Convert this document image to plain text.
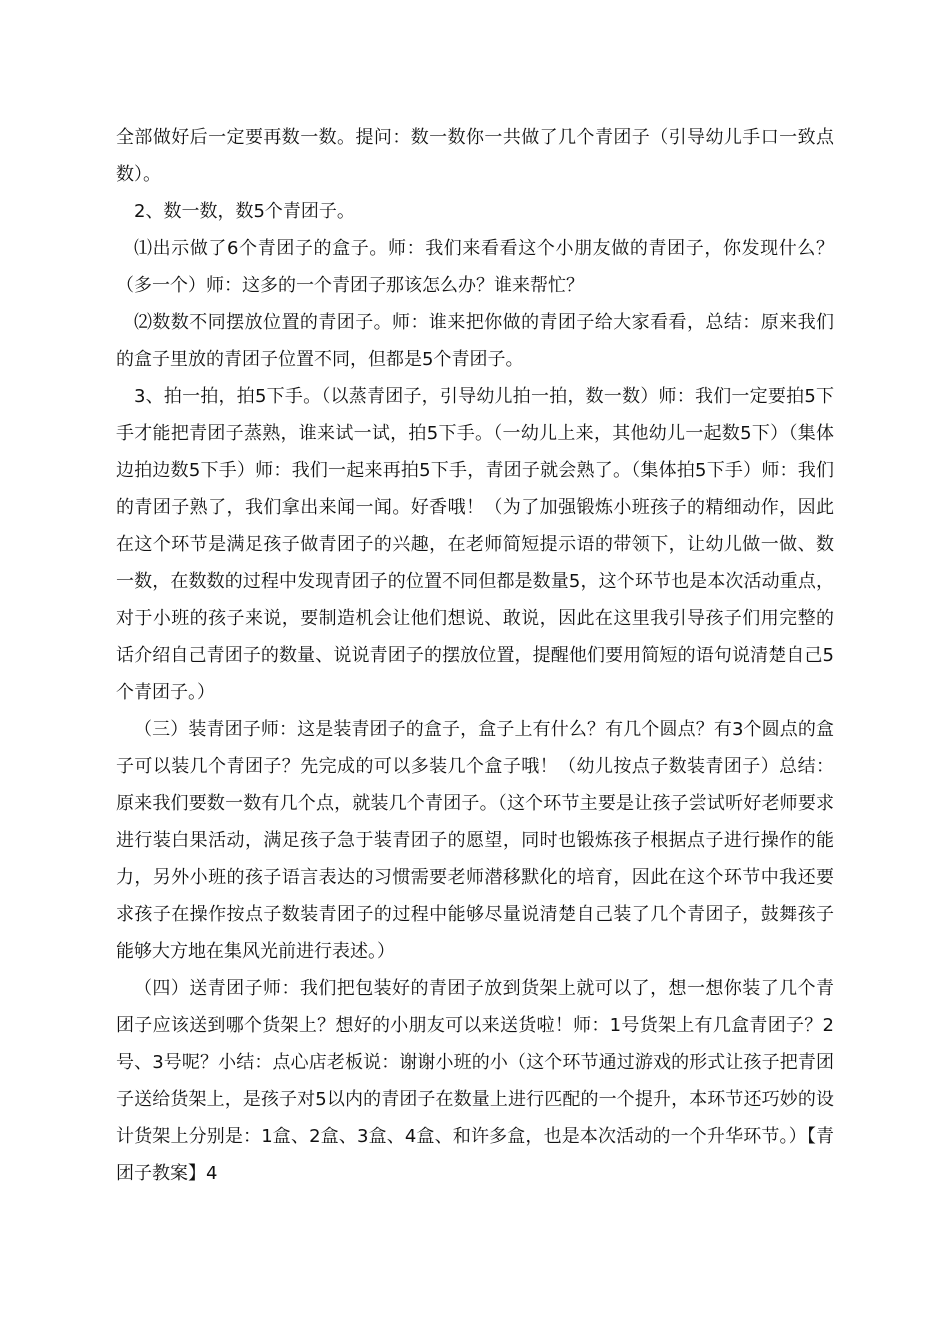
全部做好后一定要再数一数。提问：数一数你一共做了几个青团子（引导幼儿手口一致点数）。

2、数一数，数5个青团子。

⑴出示做了6个青团子的盒子。师：我们来看看这个小朋友做的青团子，你发现什么？（多一个）师：这多的一个青团子那该怎么办？谁来帮忙？

⑵数数不同摆放位置的青团子。师：谁来把你做的青团子给大家看看，总结：原来我们的盒子里放的青团子位置不同，但都是5个青团子。

3、拍一拍，拍5下手。（以蒸青团子，引导幼儿拍一拍，数一数）师：我们一定要拍5下手才能把青团子蒸熟，谁来试一试，拍5下手。（一幼儿上来，其他幼儿一起数5下）（集体边拍边数5下手）师：我们一起来再拍5下手，青团子就会熟了。（集体拍5下手）师：我们的青团子熟了，我们拿出来闻一闻。好香哦！（为了加强锻炼小班孩子的精细动作，因此在这个环节是满足孩子做青团子的兴趣，在老师简短提示语的带领下，让幼儿做一做、数一数，在数数的过程中发现青团子的位置不同但都是数量5，这个环节也是本次活动重点，对于小班的孩子来说，要制造机会让他们想说、敢说，因此在这里我引导孩子们用完整的话介绍自己青团子的数量、说说青团子的摆放位置，提醒他们要用简短的语句说清楚自己5个青团子。）

（三）装青团子师：这是装青团子的盒子，盒子上有什么？有几个圆点？有3个圆点的盒子可以装几个青团子？先完成的可以多装几个盒子哦！（幼儿按点子数装青团子）总结：原来我们要数一数有几个点，就装几个青团子。（这个环节主要是让孩子尝试听好老师要求进行装白果活动，满足孩子急于装青团子的愿望，同时也锻炼孩子根据点子进行操作的能力，另外小班的孩子语言表达的习惯需要老师潜移默化的培育，因此在这个环节中我还要求孩子在操作按点子数装青团子的过程中能够尽量说清楚自己装了几个青团子，鼓舞孩子能够大方地在集风光前进行表述。）

（四）送青团子师：我们把包装好的青团子放到货架上就可以了，想一想你装了几个青团子应该送到哪个货架上？想好的小朋友可以来送货啦！师：1号货架上有几盒青团子？2号、3号呢？小结：点心店老板说：谢谢小班的小（这个环节通过游戏的形式让孩子把青团子送给货架上，是孩子对5以内的青团子在数量上进行匹配的一个提升，本环节还巧妙的设计货架上分别是：1盒、2盒、3盒、4盒、和许多盒，也是本次活动的一个升华环节。）【青团子教案】4
